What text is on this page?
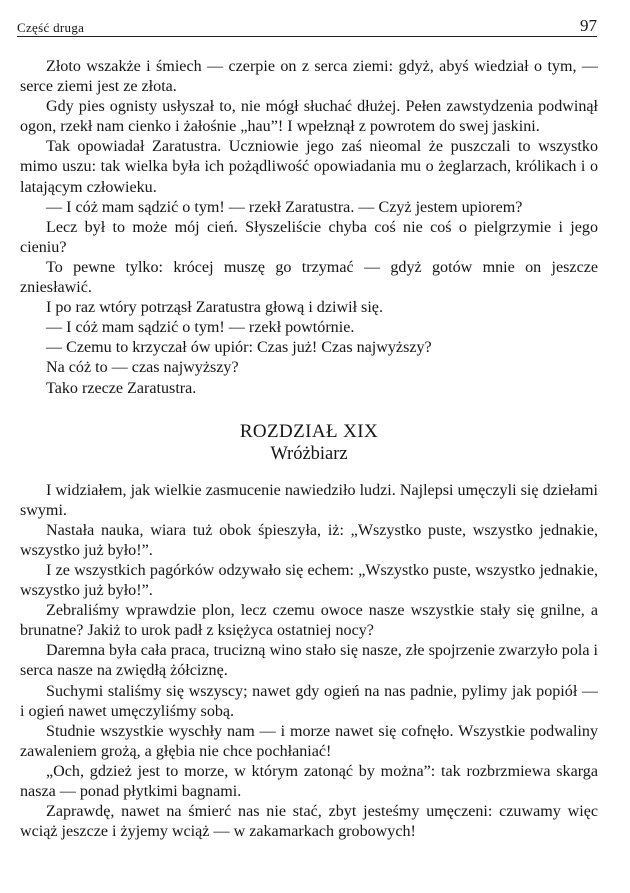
Część druga	97

Złoto wszakże i śmiech — czerpie on z serca ziemi: gdyż, abyś wiedział o tym, — serce ziemi jest ze złota.

Gdy pies ognisty usłyszał to, nie mógł słuchać dłużej. Pełen zawstydzenia podwinął ogon, rzekł nam cienko i żałośnie „hau”! I wpełznął z powrotem do swej jaskini.

Tak opowiadał Zaratustra. Uczniowie jego zaś nieomal że puszczali to wszystko mimo uszu: tak wielka była ich pożądliwość opowiadania mu o żeglarzach, królikach i o latającym człowieku.

— I cóż mam sądzić o tym! — rzekł Zaratustra. — Czyż jestem upiorem?

Lecz był to może mój cień. Słyszeliście chyba coś nie coś o pielgrzymie i jego cieniu?

To pewne tylko: krócej muszę go trzymać — gdyż gotów mnie on jeszcze zniesławić.

I po raz wtóry potrząsł Zaratustra głową i dziwił się.

— I cóż mam sądzić o tym! — rzekł powtórnie.

— Czemu to krzyczał ów upiór: Czas już! Czas najwyższy?

Na cóż to — czas najwyższy?

Tako rzecze Zaratustra.

ROZDZIAŁ XIX
Wróżbiarz

I widziałem, jak wielkie zasmucenie nawiedziło ludzi. Najlepsi umęczyli się dziełami swymi.

Nastała nauka, wiara tuż obok śpieszyła, iż: „Wszystko puste, wszystko jednakie, wszystko już było!”.

I ze wszystkich pagórków odzywało się echem: „Wszystko puste, wszystko jednakie, wszystko już było!”.

Zebraliśmy wprawdzie plon, lecz czemu owoce nasze wszystkie stały się gnilne, a brunatne? Jakiż to urok padł z księżyca ostatniej nocy?

Daremna była cała praca, trucizną wino stało się nasze, złe spojrzenie zwarzyło pola i serca nasze na zwiędłą żółciznę.

Suchymi staliśmy się wszyscy; nawet gdy ogień na nas padnie, pylimy jak popiół — i ogień nawet umęczyliśmy sobą.

Studnie wszystkie wyschły nam — i morze nawet się cofnęło. Wszystkie podwaliny zawaleniem grożą, a głębia nie chce pochłaniać!

„Och, gdzież jest to morze, w którym zatonąć by można”: tak rozbrzmiewa skarga nasza — ponad płytkimi bagnami.

Zaprawdę, nawet na śmierć nas nie stać, zbyt jesteśmy umęczeni: czuwamy więc wciąż jeszcze i żyjemy wciąż — w zakamarkach grobowych!
